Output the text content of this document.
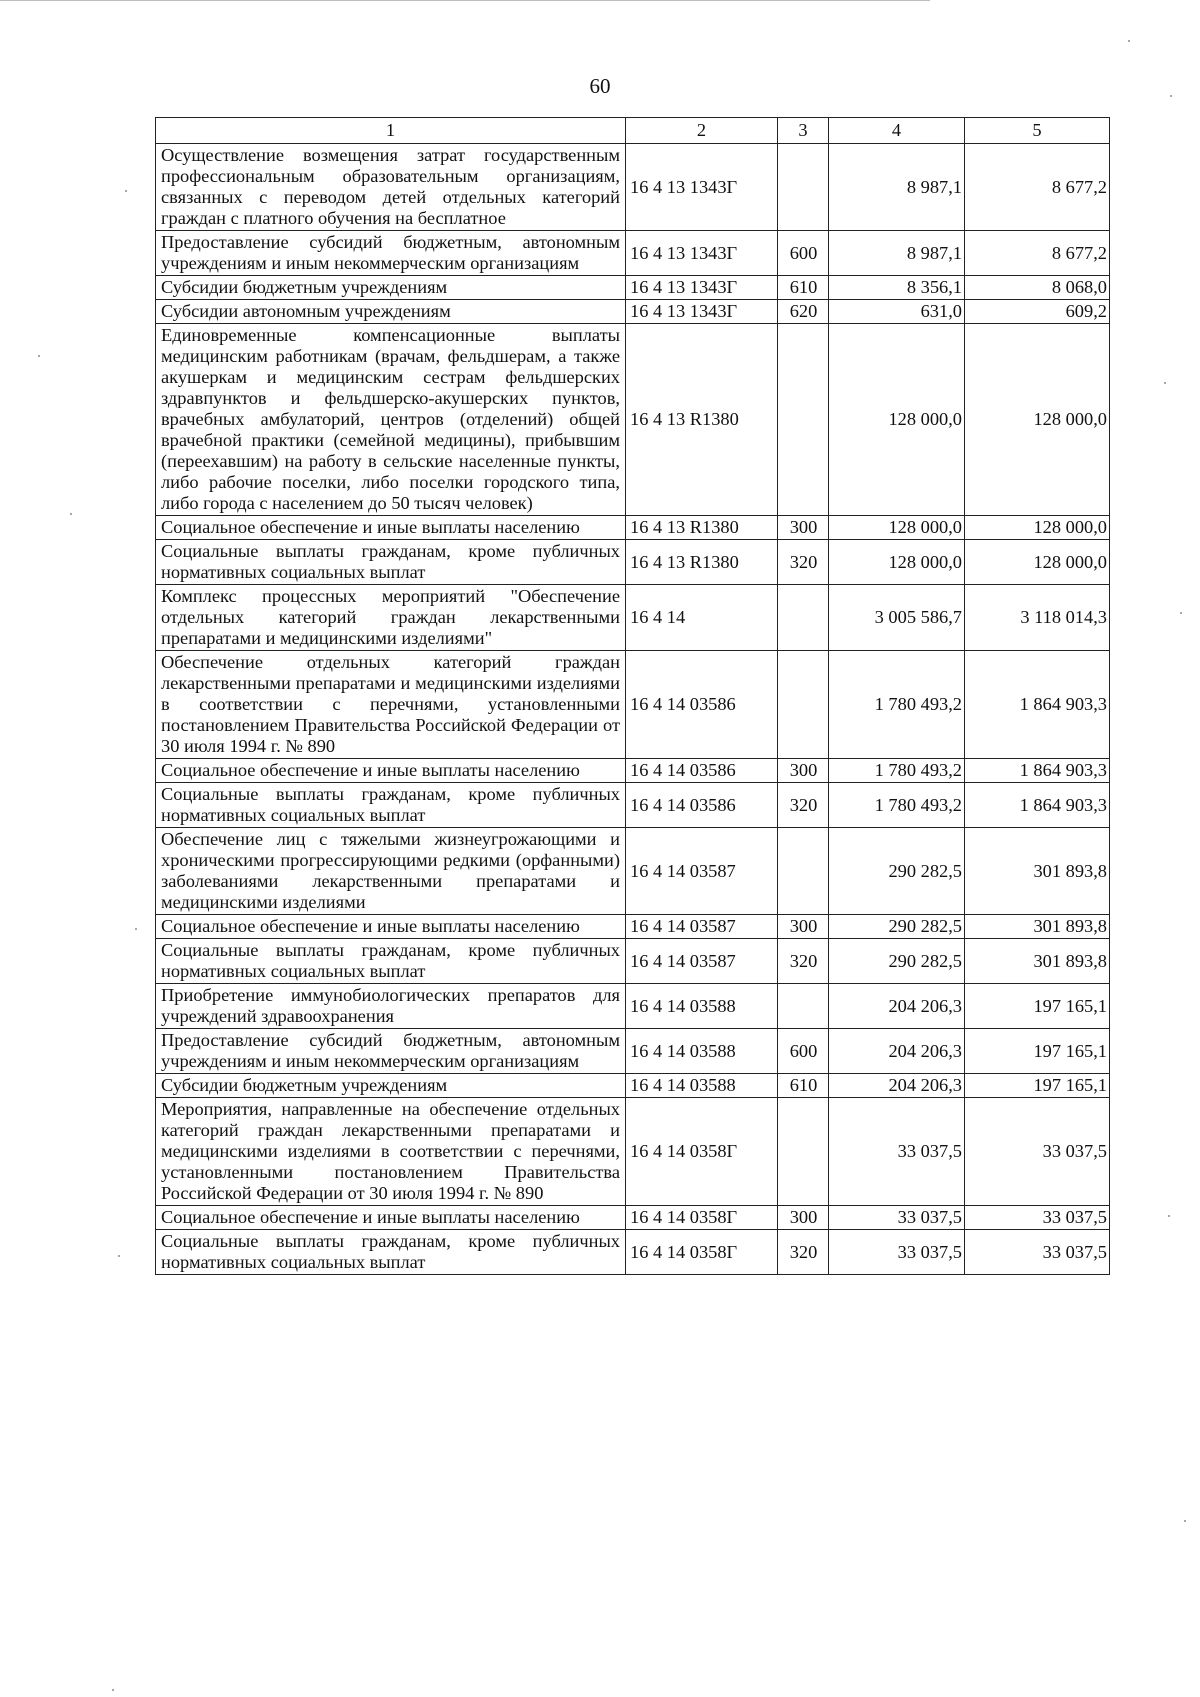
60
1	2	3	4	5
Осуществление возмещения затрат государственным профессиональным образовательным организациям, связанных с переводом детей отдельных категорий граждан с платного обучения на бесплатное	16 4 13 1343Г		8 987,1	8 677,2
Предоставление субсидий бюджетным, автономным учреждениям и иным некоммерческим организациям	16 4 13 1343Г	600	8 987,1	8 677,2
Субсидии бюджетным учреждениям	16 4 13 1343Г	610	8 356,1	8 068,0
Субсидии автономным учреждениям	16 4 13 1343Г	620	631,0	609,2
Единовременные компенсационные выплаты медицинским работникам (врачам, фельдшерам, а также акушеркам и медицинским сестрам фельдшерских здравпунктов и фельдшерско-акушерских пунктов, врачебных амбулаторий, центров (отделений) общей врачебной практики (семейной медицины), прибывшим (переехавшим) на работу в сельские населенные пункты, либо рабочие поселки, либо поселки городского типа, либо города с населением до 50 тысяч человек)	16 4 13 R1380		128 000,0	128 000,0
Социальное обеспечение и иные выплаты населению	16 4 13 R1380	300	128 000,0	128 000,0
Социальные выплаты гражданам, кроме публичных нормативных социальных выплат	16 4 13 R1380	320	128 000,0	128 000,0
Комплекс процессных мероприятий "Обеспечение отдельных категорий граждан лекарственными препаратами и медицинскими изделиями"	16 4 14		3 005 586,7	3 118 014,3
Обеспечение отдельных категорий граждан лекарственными препаратами и медицинскими изделиями в соответствии с перечнями, установленными постановлением Правительства Российской Федерации от 30 июля 1994 г. № 890	16 4 14 03586		1 780 493,2	1 864 903,3
Социальное обеспечение и иные выплаты населению	16 4 14 03586	300	1 780 493,2	1 864 903,3
Социальные выплаты гражданам, кроме публичных нормативных социальных выплат	16 4 14 03586	320	1 780 493,2	1 864 903,3
Обеспечение лиц с тяжелыми жизнеугрожающими и хроническими прогрессирующими редкими (орфанными) заболеваниями лекарственными препаратами и медицинскими изделиями	16 4 14 03587		290 282,5	301 893,8
Социальное обеспечение и иные выплаты населению	16 4 14 03587	300	290 282,5	301 893,8
Социальные выплаты гражданам, кроме публичных нормативных социальных выплат	16 4 14 03587	320	290 282,5	301 893,8
Приобретение иммунобиологических препаратов для учреждений здравоохранения	16 4 14 03588		204 206,3	197 165,1
Предоставление субсидий бюджетным, автономным учреждениям и иным некоммерческим организациям	16 4 14 03588	600	204 206,3	197 165,1
Субсидии бюджетным учреждениям	16 4 14 03588	610	204 206,3	197 165,1
Мероприятия, направленные на обеспечение отдельных категорий граждан лекарственными препаратами и медицинскими изделиями в соответствии с перечнями, установленными постановлением Правительства Российской Федерации от 30 июля 1994 г. № 890	16 4 14 0358Г		33 037,5	33 037,5
Социальное обеспечение и иные выплаты населению	16 4 14 0358Г	300	33 037,5	33 037,5
Социальные выплаты гражданам, кроме публичных нормативных социальных выплат	16 4 14 0358Г	320	33 037,5	33 037,5
